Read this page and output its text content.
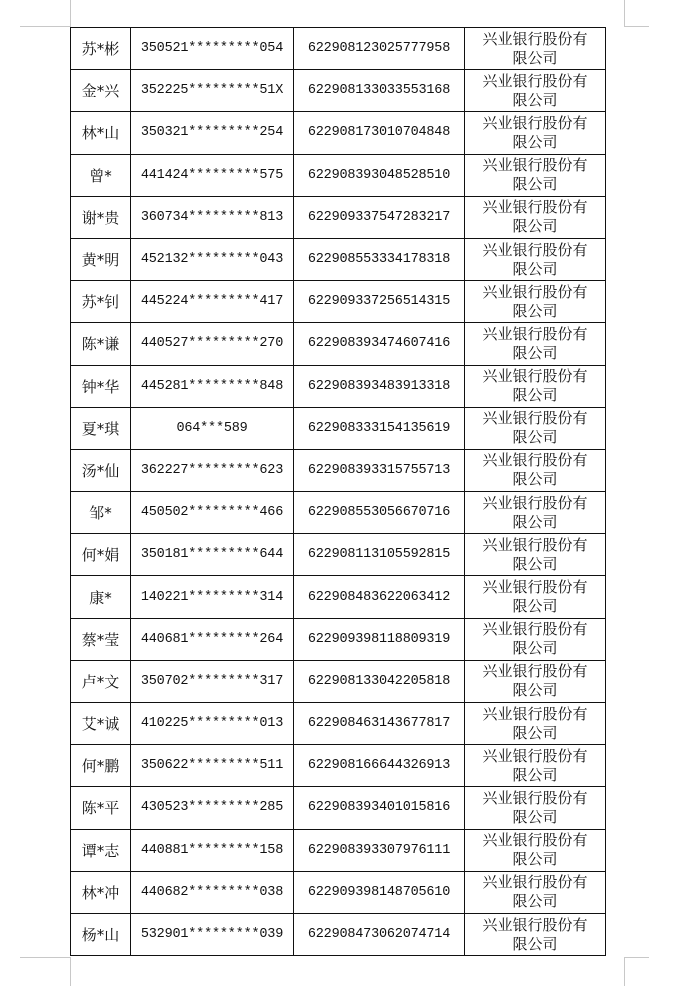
苏*彬	350521*********054	622908123025777958	兴业银行股份有
限公司

金*兴	352225*********51X	622908133033553168	兴业银行股份有
限公司

林*山	350321*********254	622908173010704848	兴业银行股份有
限公司

曾*	441424*********575	622908393048528510	兴业银行股份有
限公司

谢*贵	360734*********813	622909337547283217	兴业银行股份有
限公司

黄*明	452132*********043	622908553334178318	兴业银行股份有
限公司

苏*钊	445224*********417	622909337256514315	兴业银行股份有
限公司

陈*谦	440527*********270	622908393474607416	兴业银行股份有
限公司

钟*华	445281*********848	622908393483913318	兴业银行股份有
限公司

夏*琪	064***589	622908333154135619	兴业银行股份有
限公司

汤*仙	362227*********623	622908393315755713	兴业银行股份有
限公司

邹*	450502*********466	622908553056670716	兴业银行股份有
限公司

何*娟	350181*********644	622908113105592815	兴业银行股份有
限公司

康*	140221*********314	622908483622063412	兴业银行股份有
限公司

蔡*莹	440681*********264	622909398118809319	兴业银行股份有
限公司

卢*文	350702*********317	622908133042205818	兴业银行股份有
限公司

艾*诚	410225*********013	622908463143677817	兴业银行股份有
限公司

何*鹏	350622*********511	622908166644326913	兴业银行股份有
限公司

陈*平	430523*********285	622908393401015816	兴业银行股份有
限公司

谭*志	440881*********158	622908393307976111	兴业银行股份有
限公司

林*冲	440682*********038	622909398148705610	兴业银行股份有
限公司

杨*山	532901*********039	622908473062074714	兴业银行股份有
限公司
